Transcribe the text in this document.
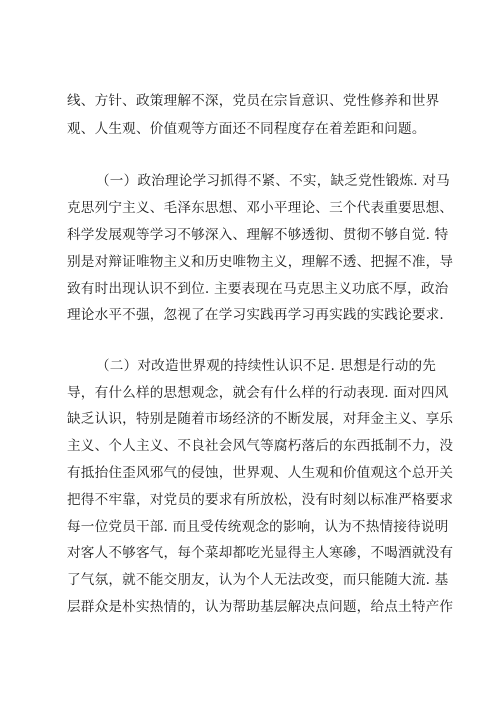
线、方针、政策理解不深，党员在宗旨意识、党性修养和世界
观、人生观、价值观等方面还不同程度存在着差距和问题。
（一）政治理论学习抓得不紧、不实，缺乏党性锻炼. 对马
克思列宁主义、毛泽东思想、邓小平理论、三个代表重要思想、
科学发展观等学习不够深入、理解不够透彻、贯彻不够自觉. 特
别是对辩证唯物主义和历史唯物主义，理解不透、把握不准，导
致有时出现认识不到位. 主要表现在马克思主义功底不厚，政治
理论水平不强，忽视了在学习实践再学习再实践的实践论要求.
（二）对改造世界观的持续性认识不足. 思想是行动的先
导，有什么样的思想观念，就会有什么样的行动表现. 面对四风
缺乏认识，特别是随着市场经济的不断发展，对拜金主义、享乐
主义、个人主义、不良社会风气等腐朽落后的东西抵制不力，没
有抵抬住歪风邪气的侵蚀，世界观、人生观和价值观这个总开关
把得不牢靠，对党员的要求有所放松，没有时刻以标准严格要求
每一位党员干部. 而且受传统观念的影响，认为不热情接待说明
对客人不够客气，每个菜却都吃光显得主人寒碜，不喝酒就没有
了气氛，就不能交朋友，认为个人无法改变，而只能随大流. 基
层群众是朴实热情的，认为帮助基层解决点问题，给点土特产作
